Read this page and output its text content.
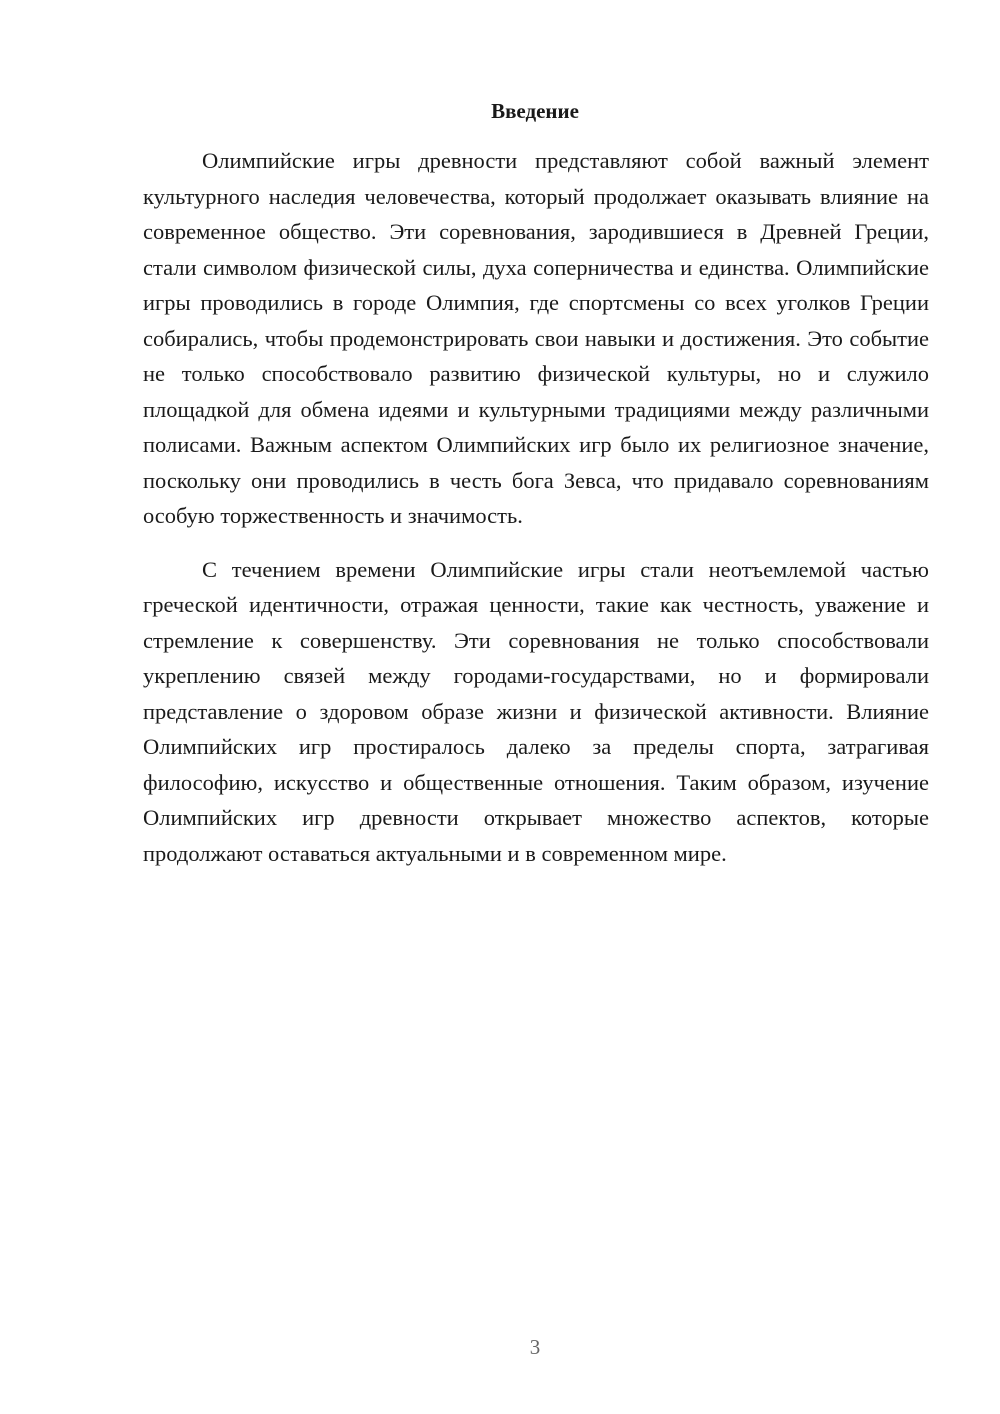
Введение

Олимпийские игры древности представляют собой важный элемент культурного наследия человечества, который продолжает оказывать влияние на современное общество. Эти соревнования, зародившиеся в Древней Греции, стали символом физической силы, духа соперничества и единства. Олимпийские игры проводились в городе Олимпия, где спортсмены со всех уголков Греции собирались, чтобы продемонстрировать свои навыки и достижения. Это событие не только способствовало развитию физической культуры, но и служило площадкой для обмена идеями и культурными традициями между различными полисами. Важным аспектом Олимпийских игр было их религиозное значение, поскольку они проводились в честь бога Зевса, что придавало соревнованиям особую торжественность и значимость.

С течением времени Олимпийские игры стали неотъемлемой частью греческой идентичности, отражая ценности, такие как честность, уважение и стремление к совершенству. Эти соревнования не только способствовали укреплению связей между городами-государствами, но и формировали представление о здоровом образе жизни и физической активности. Влияние Олимпийских игр простиралось далеко за пределы спорта, затрагивая философию, искусство и общественные отношения. Таким образом, изучение Олимпийских игр древности открывает множество аспектов, которые продолжают оставаться актуальными и в современном мире.

3
